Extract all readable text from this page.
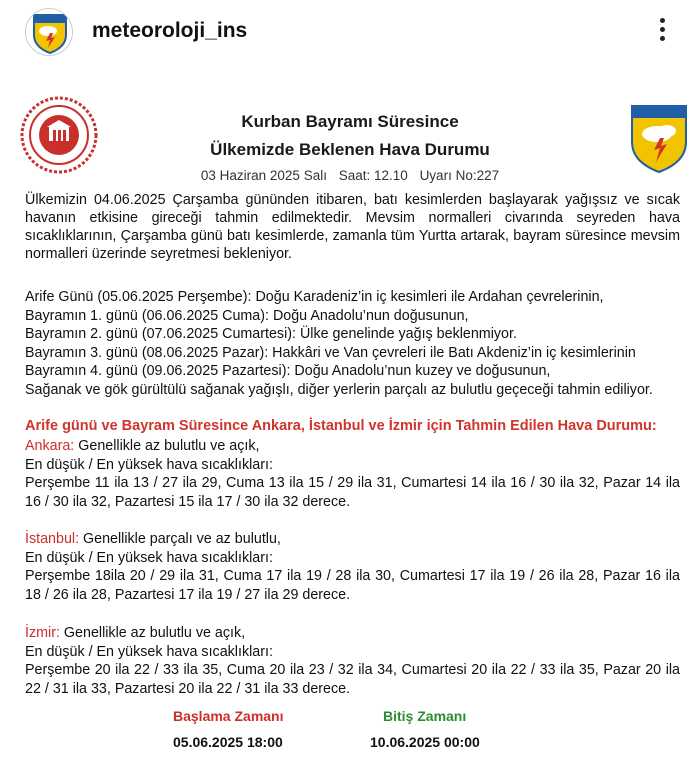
meteoroloji_ins
Kurban Bayramı Süresince
Ülkemizde Beklenen Hava Durumu
03 Haziran 2025 Salı Saat: 12.10 Uyarı No:227
Ülkemizin 04.06.2025 Çarşamba gününden itibaren, batı kesimlerden başlayarak yağışsız ve sıcak havanın etkisine gireceği tahmin edilmektedir. Mevsim normalleri civarında seyreden hava sıcaklıklarının, Çarşamba günü batı kesimlerde, zamanla tüm Yurtta artarak, bayram süresince mevsim normalleri üzerinde seyretmesi bekleniyor.
Arife Günü (05.06.2025 Perşembe): Doğu Karadeniz’in iç kesimleri ile Ardahan çevrelerinin,
Bayramın 1. günü (06.06.2025 Cuma): Doğu Anadolu’nun doğusunun,
Bayramın 2. günü (07.06.2025 Cumartesi): Ülke genelinde yağış beklenmiyor.
Bayramın 3. günü (08.06.2025 Pazar): Hakkâri ve Van çevreleri ile Batı Akdeniz’in iç kesimlerinin
Bayramın 4. günü (09.06.2025 Pazartesi): Doğu Anadolu’nun kuzey ve doğusunun,
Sağanak ve gök gürültülü sağanak yağışlı, diğer yerlerin parçalı az bulutlu geçeceği tahmin ediliyor.
Arife günü ve Bayram Süresince Ankara, İstanbul ve İzmir için Tahmin Edilen Hava Durumu:
Ankara: Genellikle az bulutlu ve açık,
En düşük / En yüksek hava sıcaklıkları:
Perşembe 11 ila 13 / 27 ila 29, Cuma 13 ila 15 / 29 ila 31, Cumartesi 14 ila 16 / 30 ila 32, Pazar 14 ila 16 / 30 ila 32, Pazartesi 15 ila 17 / 30 ila 32 derece.
İstanbul: Genellikle parçalı ve az bulutlu,
En düşük / En yüksek hava sıcaklıkları:
Perşembe 18ila 20 / 29 ila 31, Cuma 17 ila 19 / 28 ila 30, Cumartesi 17 ila 19 / 26 ila 28, Pazar 16 ila 18 / 26 ila 28, Pazartesi 17 ila 19 / 27 ila 29 derece.
İzmir: Genellikle az bulutlu ve açık,
En düşük / En yüksek hava sıcaklıkları:
Perşembe 20 ila 22 / 33 ila 35, Cuma 20 ila 23 / 32 ila 34, Cumartesi 20 ila 22 / 33 ila 35, Pazar 20 ila 22 / 31 ila 33, Pazartesi 20 ila 22 / 31 ila 33 derece.
Başlama Zamanı	Bitiş Zamanı
05.06.2025 18:00	10.06.2025 00:00
